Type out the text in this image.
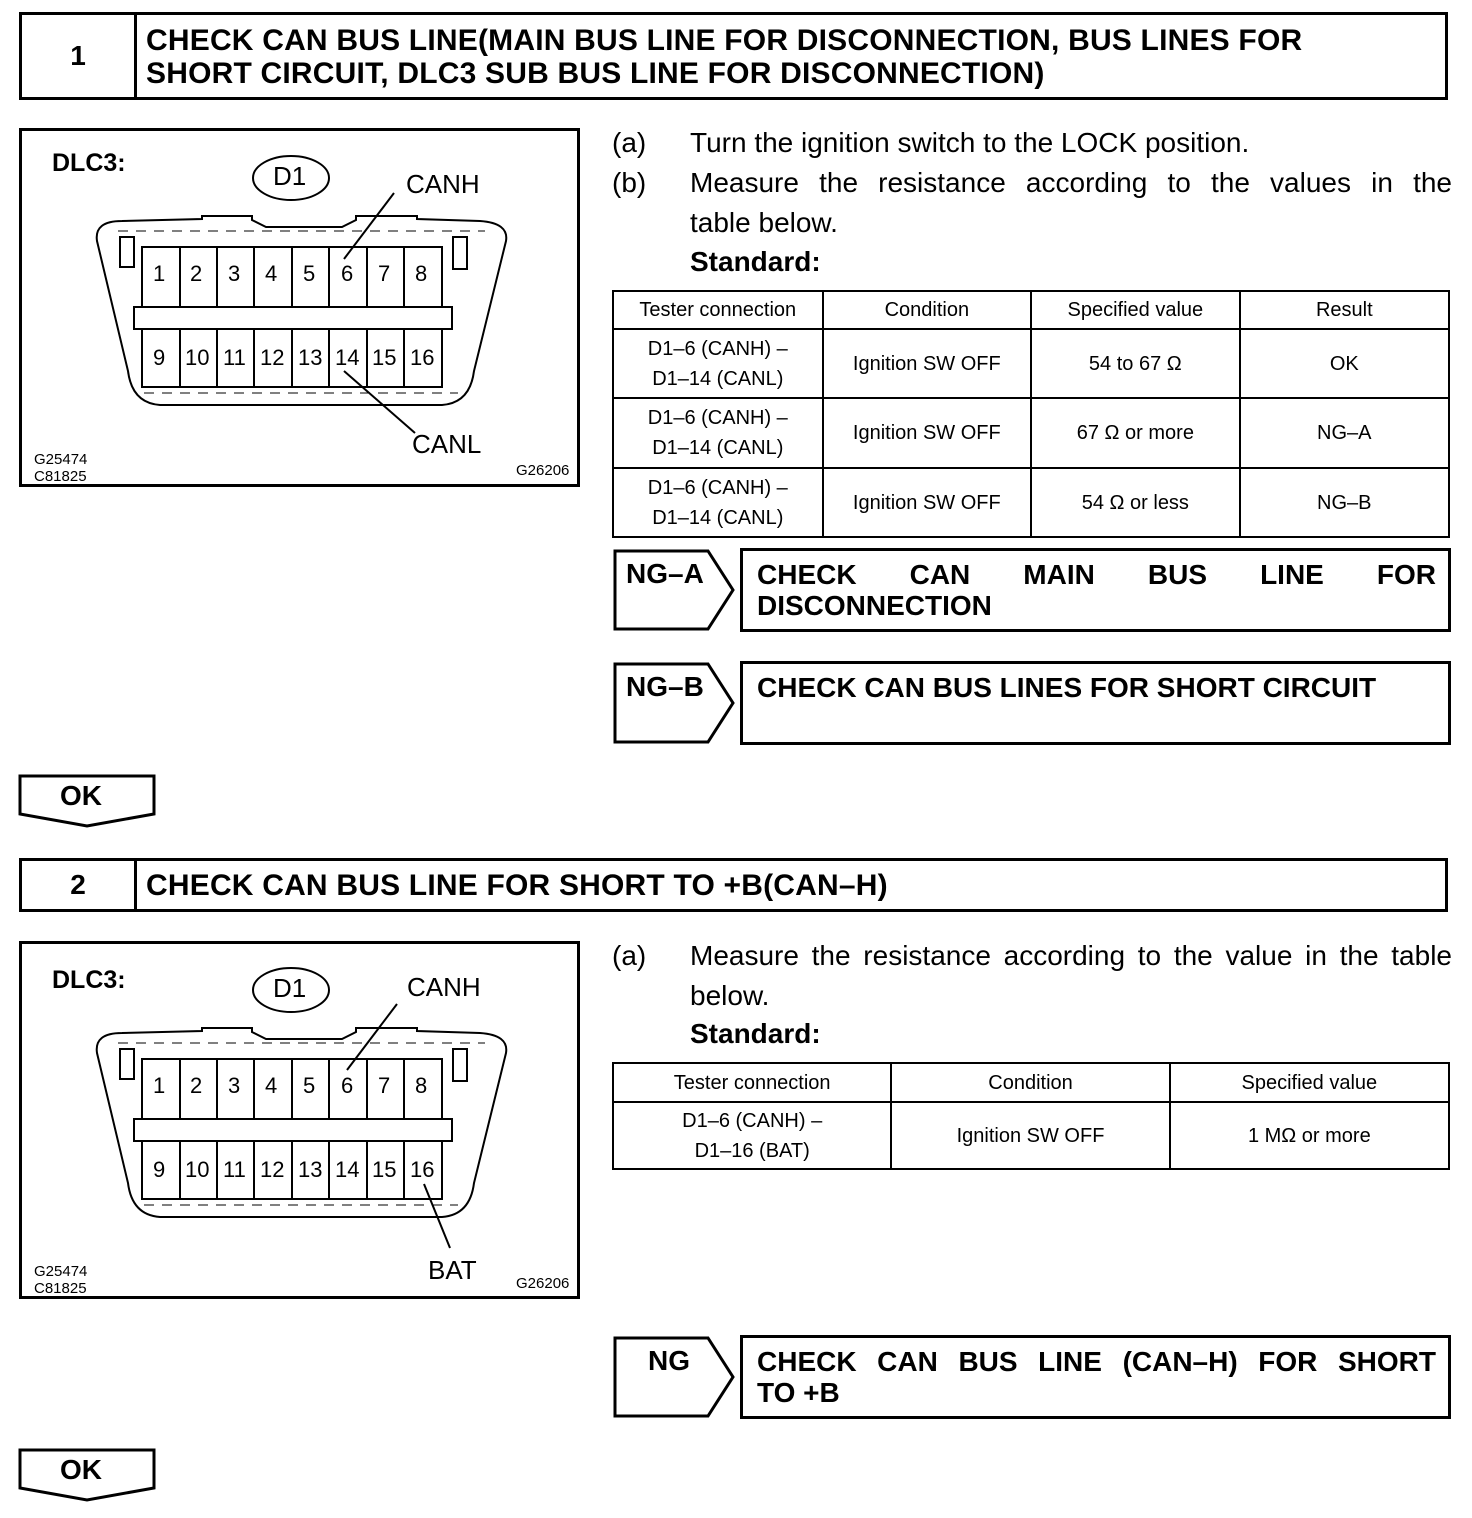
1	CHECK CAN BUS LINE(MAIN BUS LINE FOR DISCONNECTION, BUS LINES FOR
SHORT CIRCUIT, DLC3 SUB BUS LINE FOR DISCONNECTION)
DLC3:	D1	CANH
CANL
1 2 3 4 5 6 7 8
9 10 11 12 13 14 15 16
G25474
C81825	G26206
(a) Turn the ignition switch to the LOCK position.
(b) Measure the resistance according to the values in the
table below.
Standard:
Tester connection	Condition	Specified value	Result

D1–6 (CANH) –
D1–14 (CANL)	Ignition SW OFF	54 to 67 Ω	OK

D1–6 (CANH) –
D1–14 (CANL)	Ignition SW OFF	67 Ω or more	NG–A

D1–6 (CANH) –
D1–14 (CANL)	Ignition SW OFF	54 Ω or less	NG–B
NG–A CHECK CAN MAIN BUS LINE FOR
DISCONNECTION
NG–B CHECK CAN BUS LINES FOR SHORT CIRCUIT
OK
2	CHECK CAN BUS LINE FOR SHORT TO +B(CAN–H)
DLC3:	D1	CANH
BAT
1 2 3 4 5 6 7 8
9 10 11 12 13 14 15 16
G25474
C81825	G26206
(a) Measure the resistance according to the value in the table
below.
Standard:
Tester connection	Condition	Specified value

D1–6 (CANH) –
D1–16 (BAT)	Ignition SW OFF	1 MΩ or more
NG CHECK CAN BUS LINE (CAN–H) FOR SHORT
TO +B
OK
